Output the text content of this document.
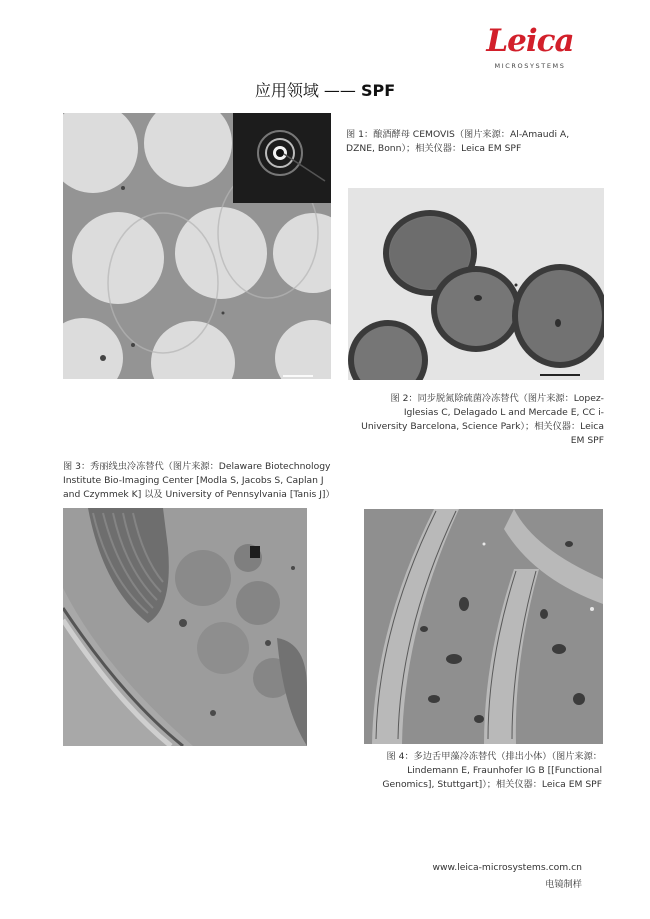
Leica
MICROSYSTEMS
应用领域 —— SPF
图 1：酿酒酵母 CEMOVIS（图片来源：Al-Amaudi A, DZNE, Bonn）；相关仪器：Leica EM SPF
图 2：同步脱氮除硫菌冷冻替代（图片来源：Lopez-Iglesias C, Delagado L and Mercade E, CC i-University Barcelona, Science Park）；相关仪器：Leica EM SPF
图 3：秀丽线虫冷冻替代（图片来源：Delaware Biotechnology Institute Bio-Imaging Center [Modla S, Jacobs S, Caplan J and Czymmek K] 以及 University of Pennsylvania [Tanis J]）
图 4：多边舌甲藻冷冻替代（排出小体）（图片来源：Lindemann E, Fraunhofer IG B [[Functional Genomics], Stuttgart]）；相关仪器：Leica EM SPF
www.leica-microsystems.com.cn
电镜制样
